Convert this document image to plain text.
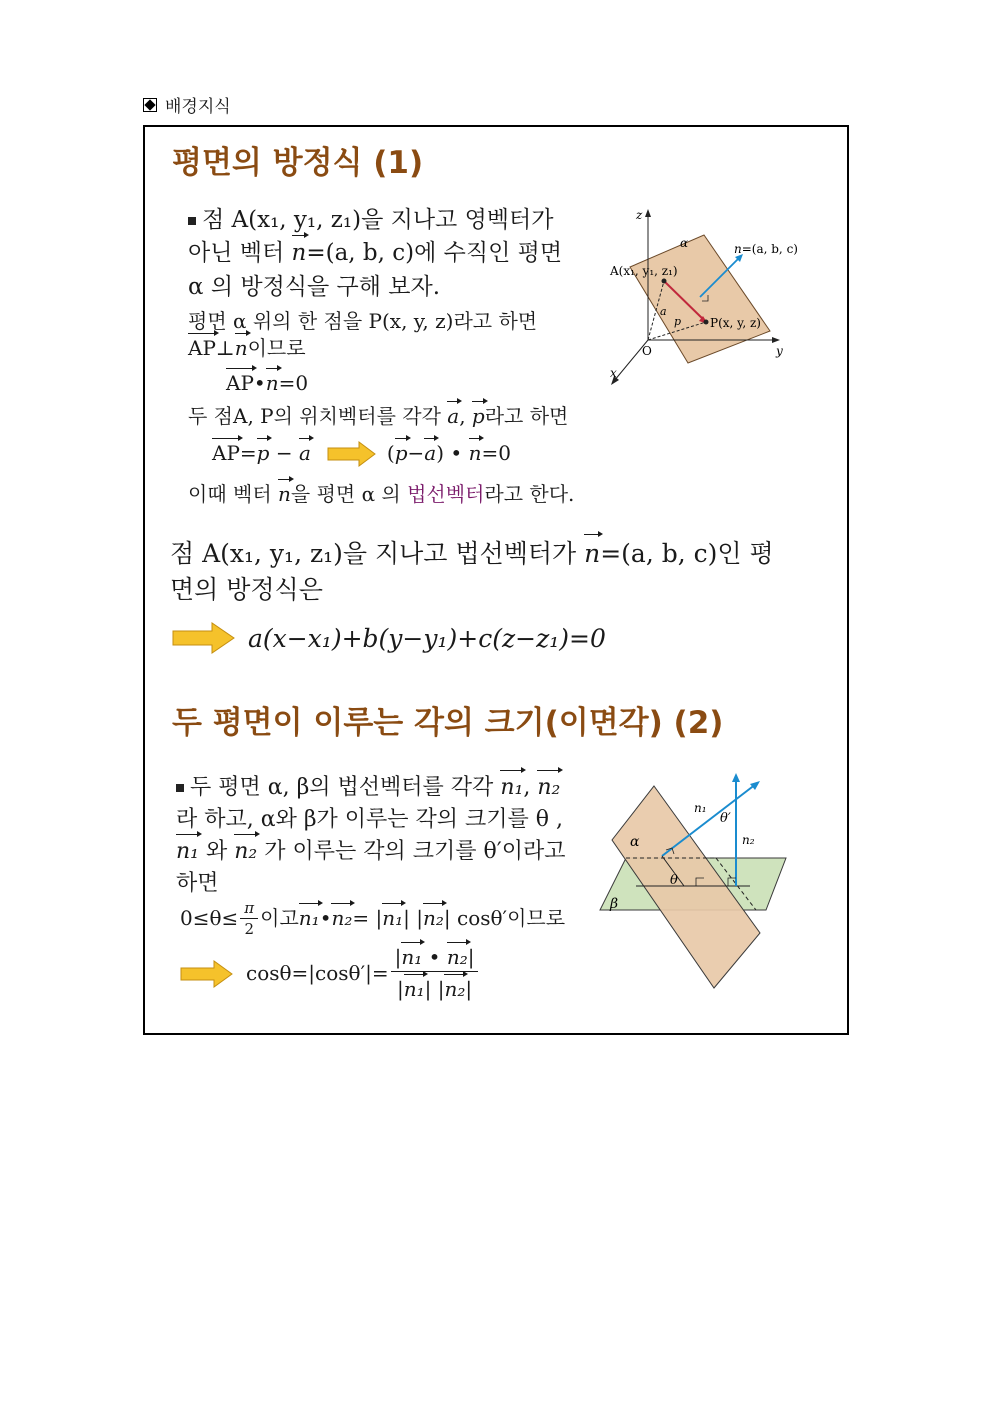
배경지식
평면의 방정식 (1)
점 A(x₁, y₁, z₁)을 지나고 영벡터가
아닌 벡터 n=(a, b, c)에 수직인 평면
α 의 방정식을 구해 보자.
평면 α 위의 한 점을 P(x, y, z)라고 하면
AP⊥n이므로
AP•n=0
두 점A, P의 위치벡터를 각각 a, p라고 하면
AP=p − a	(p−a) • n=0
이때 벡터 n을 평면 α 의 법선벡터라고 한다.
z
y
x
O
α
A(x₁, y₁, z₁)
P(x, y, z)
a
p
n=(a, b, c)
점 A(x₁, y₁, z₁)을 지나고 법선벡터가 n=(a, b, c)인 평
면의 방정식은
a(x−x₁)+b(y−y₁)+c(z−z₁)=0
두 평면이 이루는 각의 크기(이면각) (2)
두 평면 α, β의 법선벡터를 각각 n₁, n₂
라 하고, α와 β가 이루는 각의 크기를 θ ,
n₁ 와 n₂ 가 이루는 각의 크기를 θ′이라고
하면
$0\le\theta\le \frac{\pi}{2}$ 이고 n₁ • n₂ = | n₁ | | n₂ | cosθ′이므로
$\cos\theta=|\cos\theta'|= \frac{\text{|n₁ • n₂|}}{\text{|n₁| |n₂|}}$
α
β
θ
θ′
n₁
n₂
